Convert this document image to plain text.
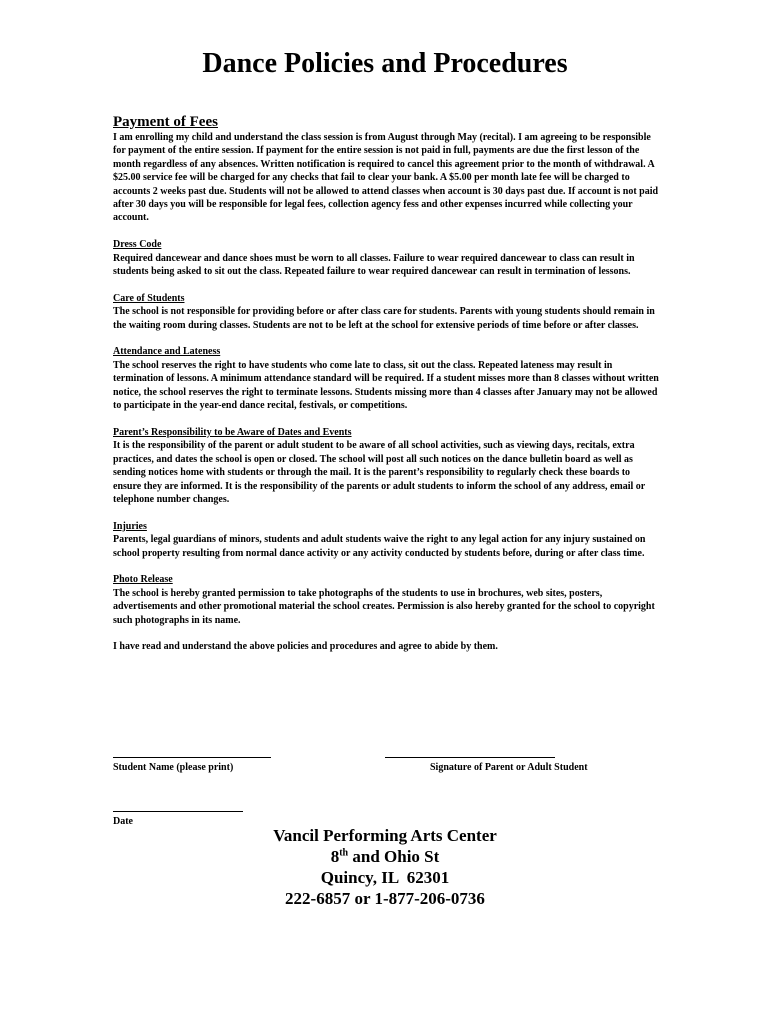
Dance Policies and Procedures
Payment of Fees

I am enrolling my child and understand the class session is from August through May (recital). I am agreeing to be responsible for payment of the entire session. If payment for the entire session is not paid in full, payments are due the first lesson of the month regardless of any absences. Written notification is required to cancel this agreement prior to the month of withdrawal. A $25.00 service fee will be charged for any checks that fail to clear your bank. A $5.00 per month late fee will be charged to accounts 2 weeks past due. Students will not be allowed to attend classes when account is 30 days past due. If account is not paid after 30 days you will be responsible for legal fees, collection agency fess and other expenses incurred while collecting your account.

Dress Code

Required dancewear and dance shoes must be worn to all classes. Failure to wear required dancewear to class can result in students being asked to sit out the class. Repeated failure to wear required dancewear can result in termination of lessons.

Care of Students

The school is not responsible for providing before or after class care for students. Parents with young students should remain in the waiting room during classes. Students are not to be left at the school for extensive periods of time before or after classes.

Attendance and Lateness

The school reserves the right to have students who come late to class, sit out the class. Repeated lateness may result in termination of lessons. A minimum attendance standard will be required. If a student misses more than 8 classes without written notice, the school reserves the right to terminate lessons. Students missing more than 4 classes after January may not be allowed to participate in the year-end dance recital, festivals, or competitions.

Parent’s Responsibility to be Aware of Dates and Events

It is the responsibility of the parent or adult student to be aware of all school activities, such as viewing days, recitals, extra practices, and dates the school is open or closed. The school will post all such notices on the dance bulletin board as well as sending notices home with students or through the mail. It is the parent’s responsibility to regularly check these boards to ensure they are informed. It is the responsibility of the parents or adult students to inform the school of any address, email or telephone number changes.

Injuries

Parents, legal guardians of minors, students and adult students waive the right to any legal action for any injury sustained on school property resulting from normal dance activity or any activity conducted by students before, during or after class time.

Photo Release

The school is hereby granted permission to take photographs of the students to use in brochures, web sites, posters, advertisements and other promotional material the school creates. Permission is also hereby granted for the school to copyright such photographs in its name.

I have read and understand the above policies and procedures and agree to abide by them.

Student Name (please print)	Signature of Parent or Adult Student
Date
Vancil Performing Arts Center
8th and Ohio St
Quincy, IL  62301
222-6857 or 1-877-206-0736
